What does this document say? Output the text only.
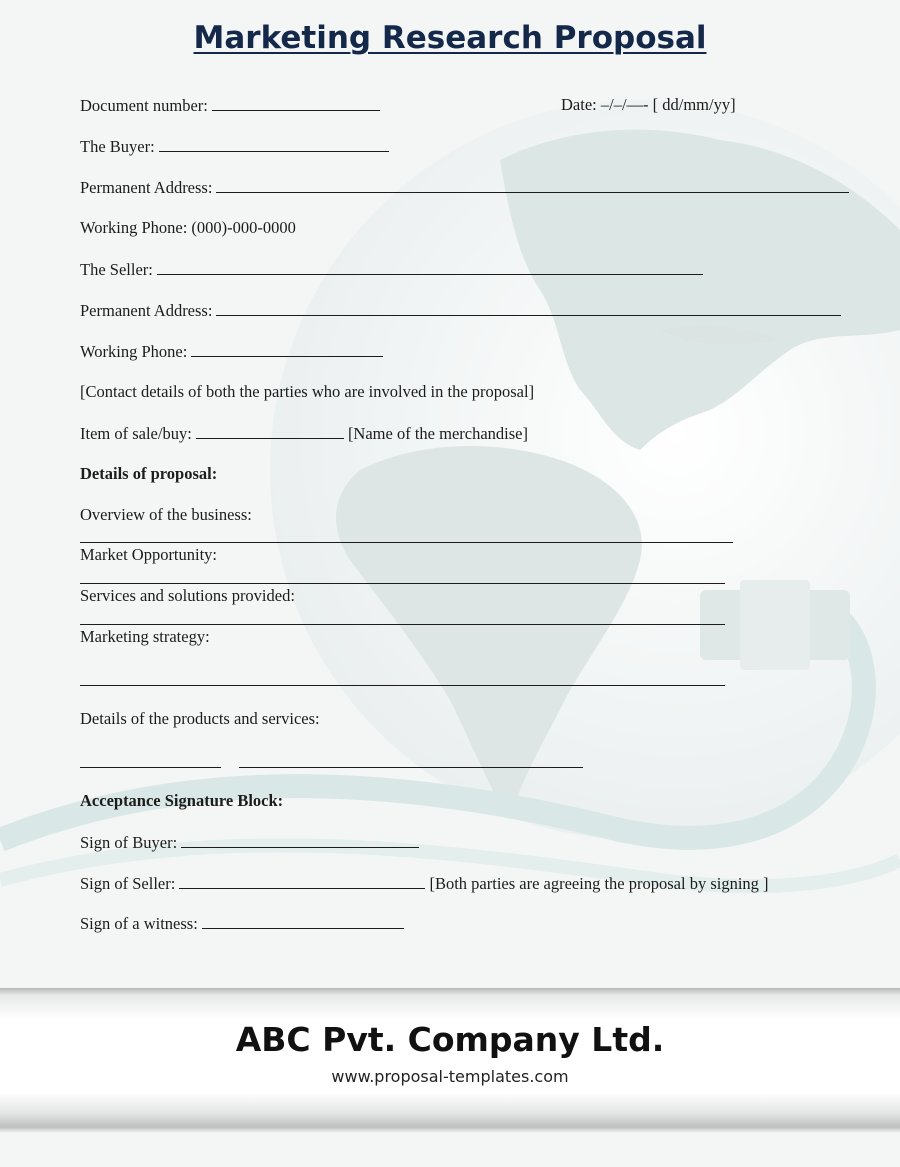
Marketing Research Proposal
Document number:	Date: –/–/—- [ dd/mm/yy]
The Buyer:
Permanent Address:
Working Phone: (000)-000-0000
The Seller:
Permanent Address:
Working Phone:
[Contact details of both the parties who are involved in the proposal]
Item of sale/buy:	[Name of the merchandise]
Details of proposal:
Overview of the business:
Market Opportunity:
Services and solutions provided:
Marketing strategy:
Details of the products and services:
Acceptance Signature Block:
Sign of Buyer:
Sign of Seller:	[Both parties are agreeing the proposal by signing ]
Sign of a witness:
ABC Pvt. Company Ltd.
www.proposal-templates.com
